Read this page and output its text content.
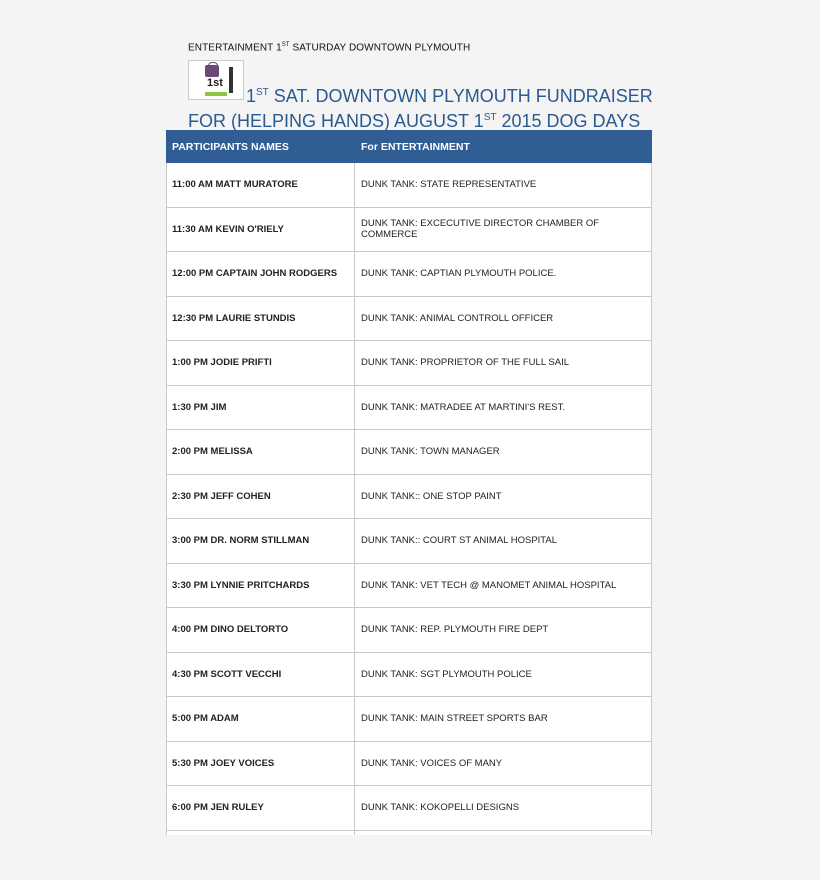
ENTERTAINMENT 1ST SATURDAY DOWNTOWN PLYMOUTH
1st
1ST SAT. DOWNTOWN PLYMOUTH FUNDRAISER
FOR (HELPING HANDS) AUGUST 1ST 2015 DOG DAYS
PARTICIPANTS NAMES	For ENTERTAINMENT
11:00 AM MATT MURATORE	DUNK TANK: STATE REPRESENTATIVE
11:30 AM KEVIN O'RIELY	DUNK TANK: EXCECUTIVE DIRECTOR CHAMBER OF COMMERCE
12:00 PM CAPTAIN JOHN RODGERS	DUNK TANK: CAPTIAN PLYMOUTH POLICE.
12:30 PM LAURIE STUNDIS	DUNK TANK: ANIMAL CONTROLL OFFICER
1:00 PM JODIE PRIFTI	DUNK TANK: PROPRIETOR OF THE FULL SAIL
1:30 PM JIM	DUNK TANK: MATRADEE AT MARTINI'S REST.
2:00 PM MELISSA	DUNK TANK: TOWN MANAGER
2:30 PM JEFF COHEN	DUNK TANK:: ONE STOP PAINT
3:00 PM DR. NORM STILLMAN	DUNK TANK:: COURT ST ANIMAL HOSPITAL
3:30 PM LYNNIE PRITCHARDS	DUNK TANK: VET TECH @ MANOMET ANIMAL HOSPITAL
4:00 PM DINO DELTORTO	DUNK TANK: REP. PLYMOUTH FIRE DEPT
4:30 PM SCOTT VECCHI	DUNK TANK: SGT PLYMOUTH POLICE
5:00 PM ADAM	DUNK TANK: MAIN STREET SPORTS BAR
5:30 PM JOEY VOICES	DUNK TANK: VOICES OF MANY
6:00 PM JEN RULEY	DUNK TANK: KOKOPELLI DESIGNS
